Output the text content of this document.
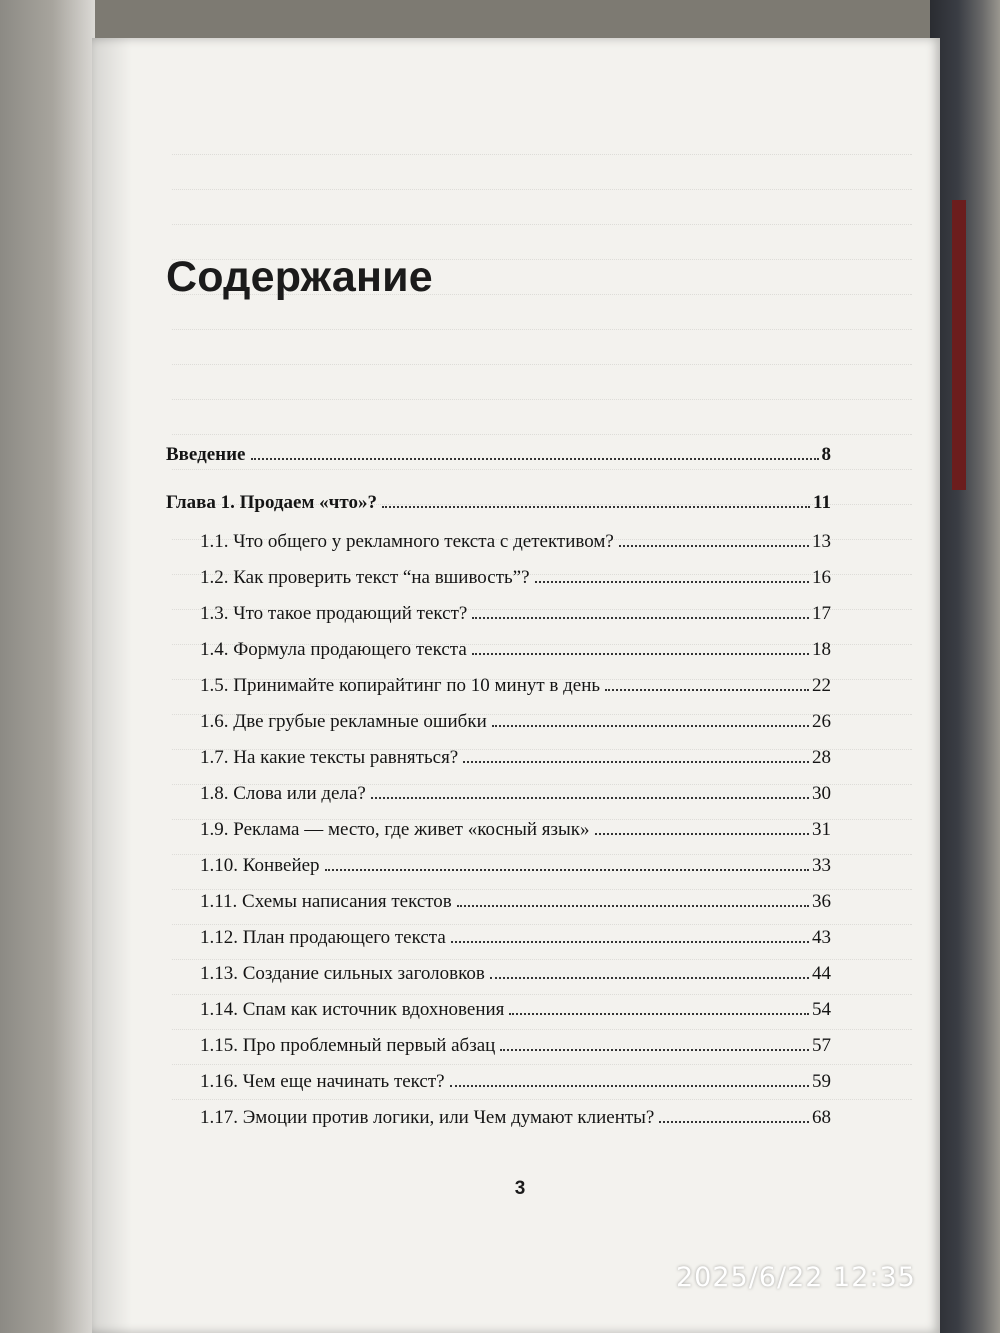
Содержание
Введение	8
Глава 1. Продаем «что»?	11
1.1. Что общего у рекламного текста с детективом?	13
1.2. Как проверить текст “на вшивость”?	16
1.3. Что такое продающий текст?	17
1.4. Формула продающего текста	18
1.5. Принимайте копирайтинг по 10 минут в день	22
1.6. Две грубые рекламные ошибки	26
1.7. На какие тексты равняться?	28
1.8. Слова или дела?	30
1.9. Реклама — место, где живет «косный язык»	31
1.10. Конвейер	33
1.11. Схемы написания текстов	36
1.12. План продающего текста	43
1.13. Создание сильных заголовков	44
1.14. Спам как источник вдохновения	54
1.15. Про проблемный первый абзац	57
1.16. Чем еще начинать текст?	59
1.17. Эмоции против логики, или Чем думают клиенты?	68
3
2025/6/22 12:35
